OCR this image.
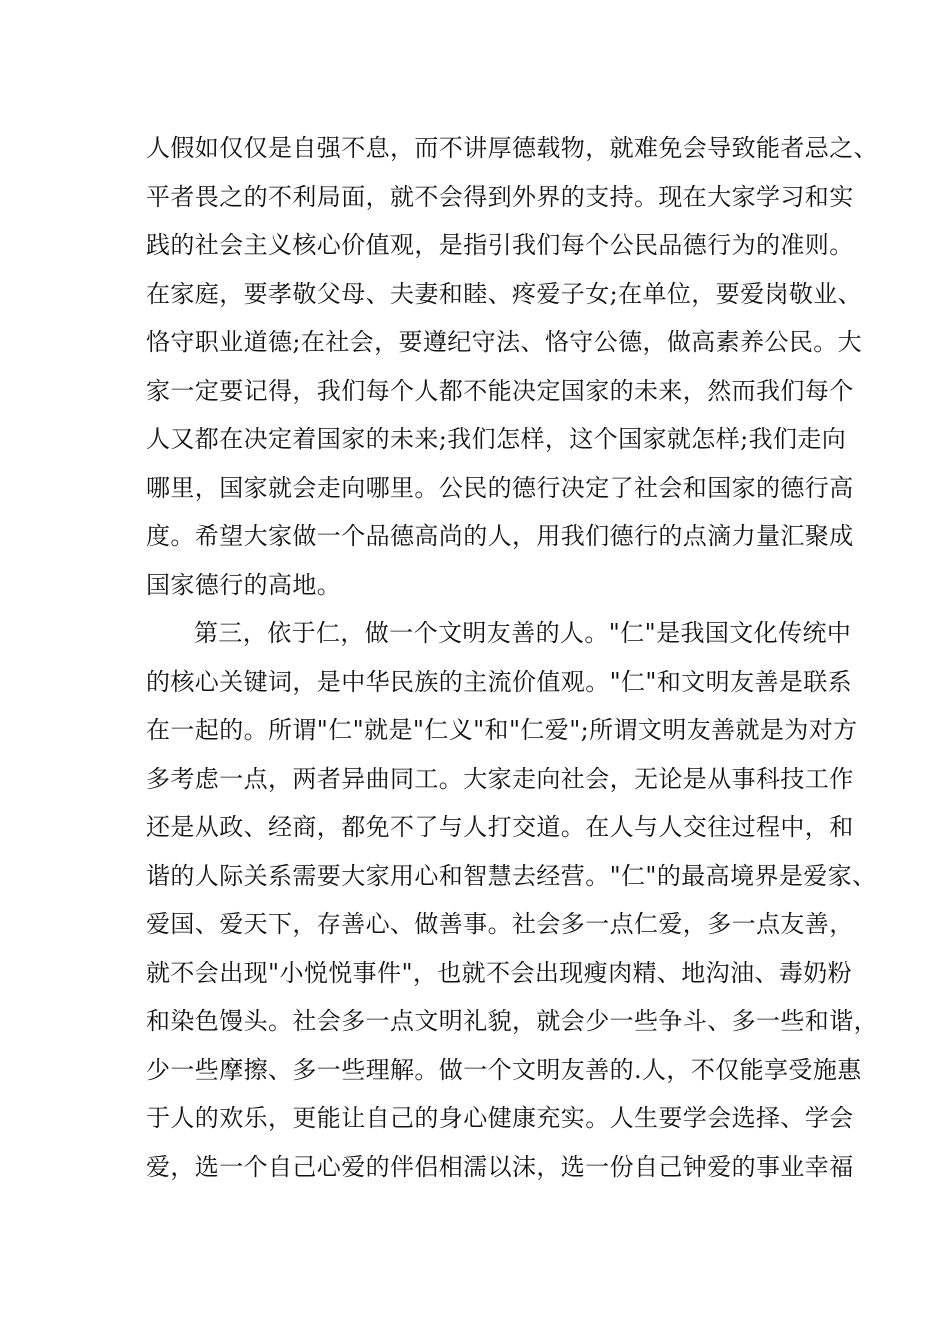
人假如仅仅是自强不息，而不讲厚德载物，就难免会导致能者忌之、
平者畏之的不利局面，就不会得到外界的支持。现在大家学习和实
践的社会主义核心价值观，是指引我们每个公民品德行为的准则。
在家庭，要孝敬父母、夫妻和睦、疼爱子女;在单位，要爱岗敬业、
恪守职业道德;在社会，要遵纪守法、恪守公德，做高素养公民。大
家一定要记得，我们每个人都不能决定国家的未来，然而我们每个
人又都在决定着国家的未来;我们怎样，这个国家就怎样;我们走向
哪里，国家就会走向哪里。公民的德行决定了社会和国家的德行高
度。希望大家做一个品德高尚的人，用我们德行的点滴力量汇聚成
国家德行的高地。
第三，依于仁，做一个文明友善的人。"仁"是我国文化传统中
的核心关键词，是中华民族的主流价值观。"仁"和文明友善是联系
在一起的。所谓"仁"就是"仁义"和"仁爱";所谓文明友善就是为对方
多考虑一点，两者异曲同工。大家走向社会，无论是从事科技工作
还是从政、经商，都免不了与人打交道。在人与人交往过程中，和
谐的人际关系需要大家用心和智慧去经营。"仁"的最高境界是爱家、
爱国、爱天下，存善心、做善事。社会多一点仁爱，多一点友善，
就不会出现"小悦悦事件"，也就不会出现瘦肉精、地沟油、毒奶粉
和染色馒头。社会多一点文明礼貌，就会少一些争斗、多一些和谐，
少一些摩擦、多一些理解。做一个文明友善的.人，不仅能享受施惠
于人的欢乐，更能让自己的身心健康充实。人生要学会选择、学会
爱，选一个自己心爱的伴侣相濡以沫，选一份自己钟爱的事业幸福
